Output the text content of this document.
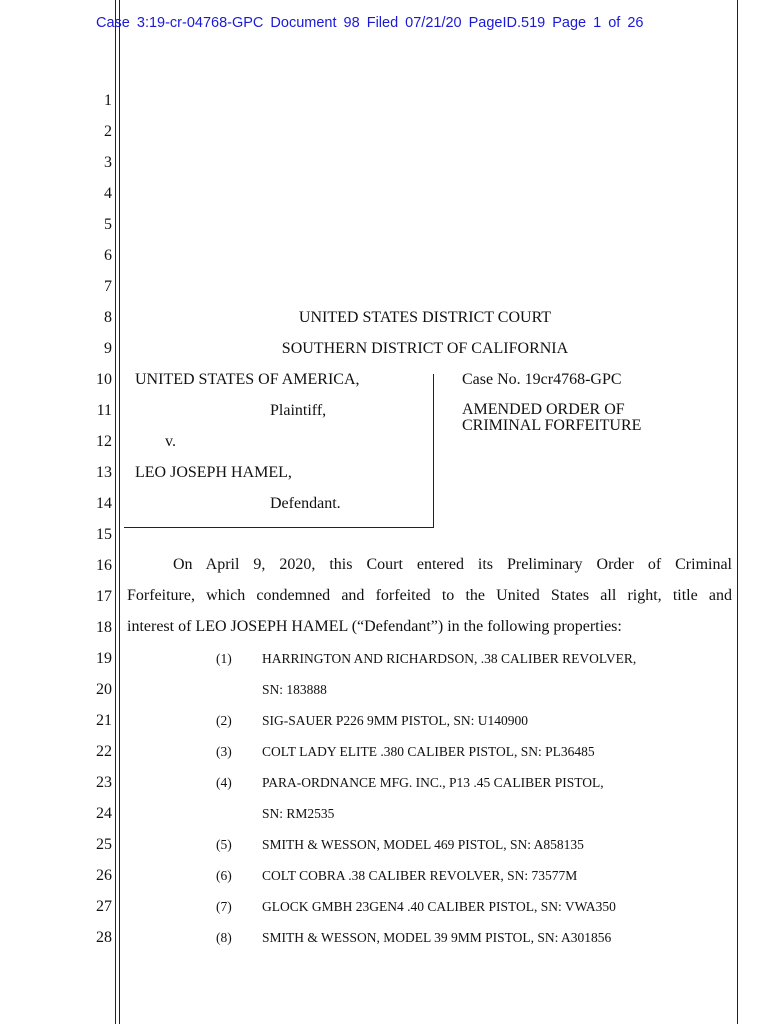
Case 3:19-cr-04768-GPC Document 98 Filed 07/21/20 PageID.519 Page 1 of 26
1
2
3
4
5
6
7
8
9
10
11
12
13
14
15
16
17
18
19
20
21
22
23
24
25
26
27
28
UNITED STATES DISTRICT COURT
SOUTHERN DISTRICT OF CALIFORNIA
UNITED STATES OF AMERICA,
Plaintiff,
v.
LEO JOSEPH HAMEL,
Defendant.
Case No. 19cr4768-GPC
AMENDED ORDER OF
CRIMINAL FORFEITURE
On April 9, 2020, this Court entered its Preliminary Order of Criminal
Forfeiture, which condemned and forfeited to the United States all right, title and
interest of LEO JOSEPH HAMEL (“Defendant”) in the following properties:
(1) HARRINGTON AND RICHARDSON, .38 CALIBER REVOLVER,
SN: 183888
(2) SIG-SAUER P226 9MM PISTOL, SN: U140900
(3) COLT LADY ELITE .380 CALIBER PISTOL, SN: PL36485
(4) PARA-ORDNANCE MFG. INC., P13 .45 CALIBER PISTOL,
SN: RM2535
(5) SMITH & WESSON, MODEL 469 PISTOL, SN: A858135
(6) COLT COBRA .38 CALIBER REVOLVER, SN: 73577M
(7) GLOCK GMBH 23GEN4 .40 CALIBER PISTOL, SN: VWA350
(8) SMITH & WESSON, MODEL 39 9MM PISTOL, SN: A301856
